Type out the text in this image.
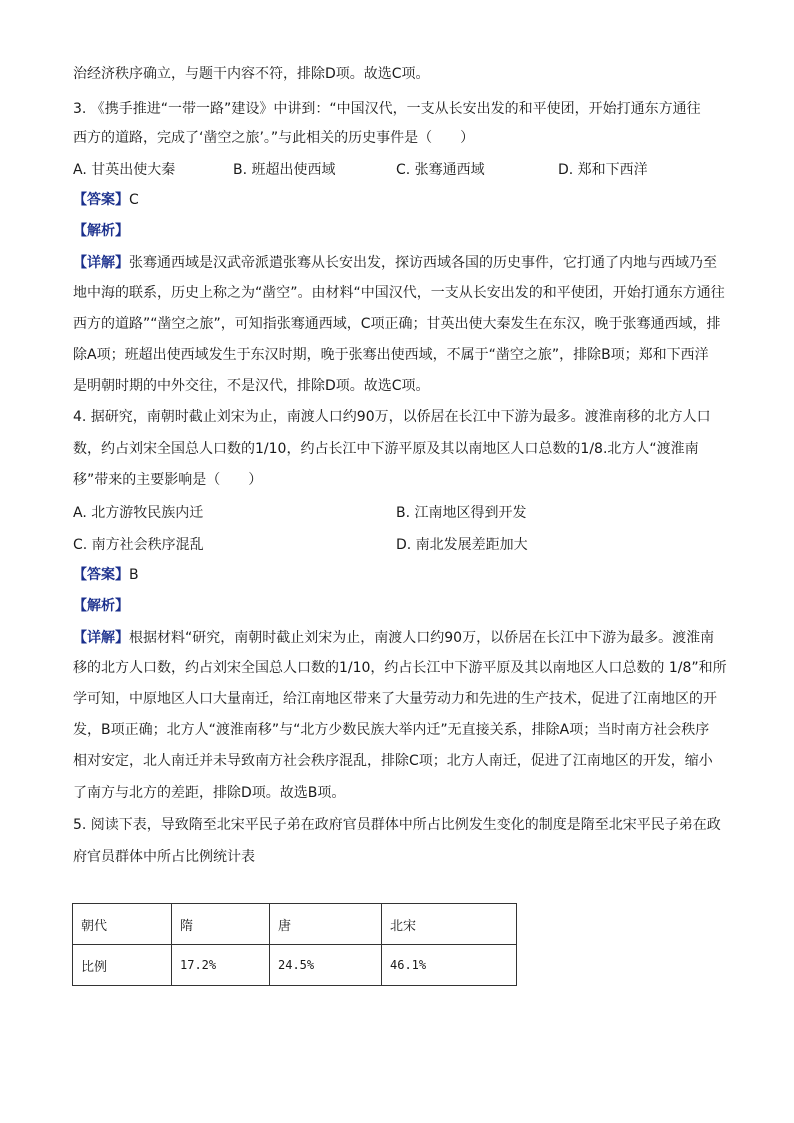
治经济秩序确立，与题干内容不符，排除D项。故选C项。
3. 《携手推进“一带一路”建设》中讲到：“中国汉代，一支从长安出发的和平使团，开始打通东方通往
西方的道路，完成了‘凿空之旅’。”与此相关的历史事件是（　　）
A. 甘英出使大秦	B. 班超出使西域	C. 张骞通西域	D. 郑和下西洋
【答案】C
【解析】
【详解】张骞通西域是汉武帝派遣张骞从长安出发，探访西域各国的历史事件，它打通了内地与西域乃至
地中海的联系，历史上称之为“凿空”。由材料“中国汉代，一支从长安出发的和平使团，开始打通东方通往
西方的道路”“凿空之旅”，可知指张骞通西域，C项正确；甘英出使大秦发生在东汉，晚于张骞通西域，排
除A项；班超出使西域发生于东汉时期，晚于张骞出使西域，不属于“凿空之旅”，排除B项；郑和下西洋
是明朝时期的中外交往，不是汉代，排除D项。故选C项。
4. 据研究，南朝时截止刘宋为止，南渡人口约90万，以侨居在长江中下游为最多。渡淮南移的北方人口
数，约占刘宋全国总人口数的1/10，约占长江中下游平原及其以南地区人口总数的1/8.北方人“渡淮南
移”带来的主要影响是（　　）
A. 北方游牧民族内迁	B. 江南地区得到开发
C. 南方社会秩序混乱	D. 南北发展差距加大
【答案】B
【解析】
【详解】根据材料“研究，南朝时截止刘宋为止，南渡人口约90万，以侨居在长江中下游为最多。渡淮南
移的北方人口数，约占刘宋全国总人口数的1/10，约占长江中下游平原及其以南地区人口总数的 1/8”和所
学可知，中原地区人口大量南迁，给江南地区带来了大量劳动力和先进的生产技术，促进了江南地区的开
发，B项正确；北方人“渡淮南移”与“北方少数民族大举内迁”无直接关系，排除A项；当时南方社会秩序
相对安定，北人南迁并未导致南方社会秩序混乱，排除C项；北方人南迁，促进了江南地区的开发，缩小
了南方与北方的差距，排除D项。故选B项。
5. 阅读下表，导致隋至北宋平民子弟在政府官员群体中所占比例发生变化的制度是隋至北宋平民子弟在政
府官员群体中所占比例统计表
朝代	隋	唐	北宋
比例	17.2%	24.5%	46.1%
